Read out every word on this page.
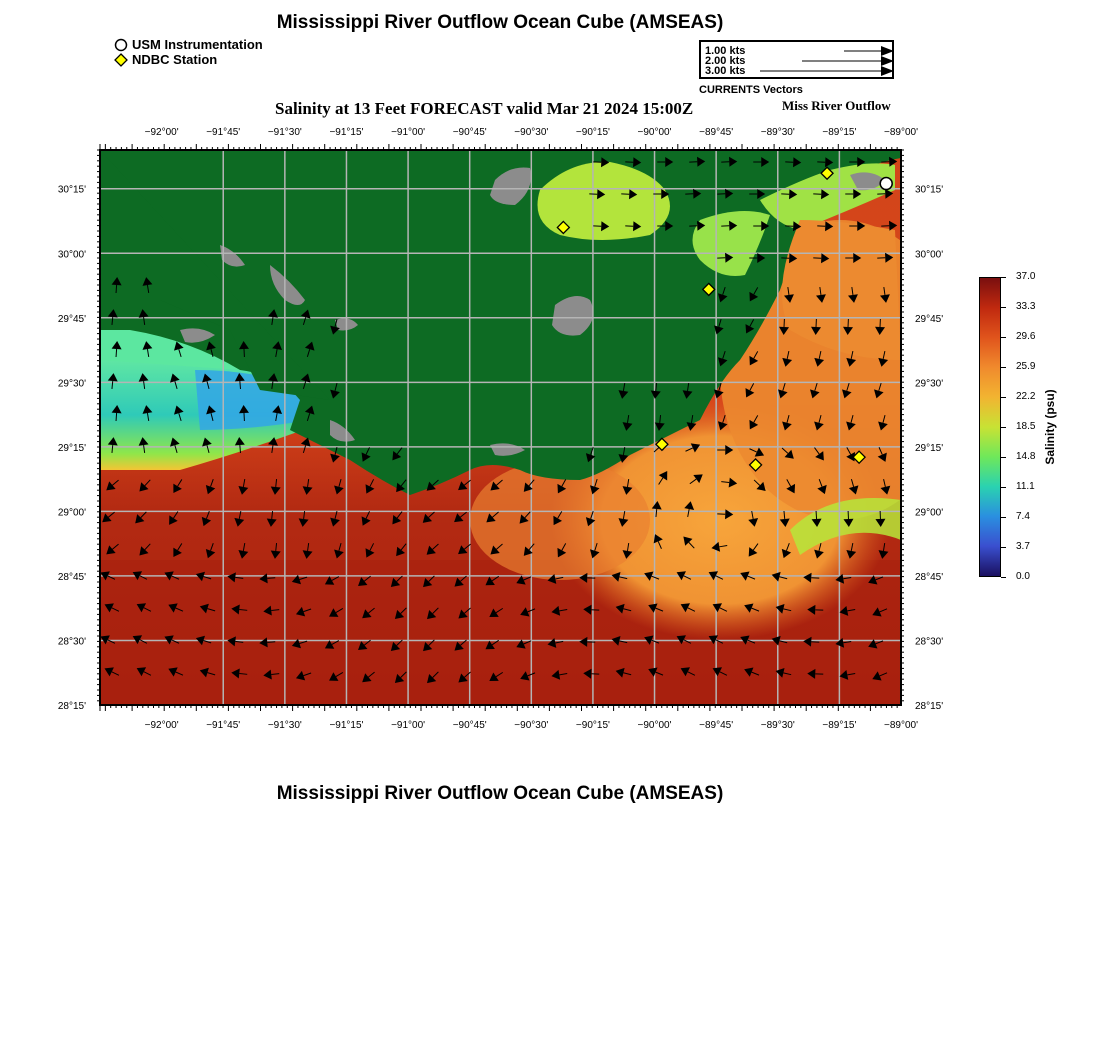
Mississippi River Outflow Ocean Cube (AMSEAS)
USM Instrumentation
NDBC Station
1.00 kts
2.00 kts
3.00 kts
CURRENTS Vectors
Salinity at 13 Feet FORECAST valid Mar 21 2024 15:00Z	Miss River Outflow
−92°00'	−91°45'	−91°30'	−91°15'	−91°00'	−90°45'	−90°30'	−90°15'	−90°00'	−89°45'	−89°30'	−89°15'	−89°00'
−92°00'	−91°45'	−91°30'	−91°15'	−91°00'	−90°45'	−90°30'	−90°15'	−90°00'	−89°45'	−89°30'	−89°15'	−89°00'
30°15'
30°00'
29°45'
29°30'
29°15'
29°00'
28°45'
28°30'
28°15'
30°15'
30°00'
29°45'
29°30'
29°15'
29°00'
28°45'
28°30'
28°15'
37.0
33.3
29.6
25.9
22.2
18.5
14.8
11.1
7.4
3.7
0.0
Salinity (psu)
Mississippi River Outflow Ocean Cube (AMSEAS)
